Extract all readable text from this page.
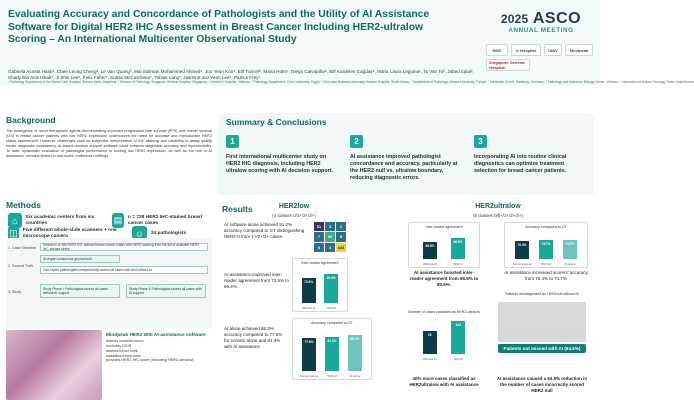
Evaluating Accuracy and Concordance of Pathologists and the Utility of AI Assistance Software for Digital HER2 IHC Assessment in Breast Cancer Including HER2-ultralow Scoring – An International Multicenter Observational Study
Gabriela Acosta Haab¹, Chee Leong Cheng², Le Van Quang³, Mai Soliman Mohammed Ahmed⁴, Joo Yeon Koo⁵, Elif Tuncel⁶, Maria Holm⁷, Diego Calvopiña⁸, Elif Kardelen Cağdaş⁹, Maria Laura Leguina¹, Ta Van To³, Jabed Iqbal², Shady Ela Anis Ishak⁴, Ji Shin Lee⁵, Felix Faber⁷, Susan McCutcheon⁷, Tobias Lang⁷, Jasmine Joo Yeon Lee⁵, Patrick Frey⁷
¹ Pathology Department of the María Curie Hospital, Buenos Aires, Argentina; ² Division of Pathology, Singapore General Hospital, Singapore; ³ Central K Hospital, Vietnam; ⁴ Pathology Department, Cairo University, Egypt; ⁵ Chonnam National University Hwasun Hospital, South Korea; ⁶ Department of Pathology, Ankara University, Türkiye; ⁷ Mindpeak GmbH, Hamburg, Germany; ⁸ Pathology and Molecular Biology Center, Vietnam; ⁹ International Medical Oncology Team, AstraZeneca
2025 ASCO
ANNUAL MEETING
HMC	K Hospital	UNIV	Mindpeak
Singapore General Hospital
Background
The emergence of novel therapeutic agents demonstrating improved progression-free survival (PFS) and overall survival (OS) in breast cancer patients with low HER2 expression underscores the need for accurate and reproducible HER2 status assessment. However, challenges such as subjective interpretation of IHC staining and variability in assay quality hinder diagnostic consistency. AI-based decision support software could enhance diagnostic accuracy and reproducibility. To date, systematic evaluation of pathologist performance in scoring low HER2 expression, as well as the role of AI assistance, remains limited in real-world, multicenter settings.
Methods
⌂	Six academic centers from six countries	▤	n = 728 HER2 IHC-stained breast cancer cases
◫ Five different whole-slide scanners + one microscope camera	☺	24 pathologists
1. Case Selection
2. Ground Truth
3. Study
Selection of 485 HER2 IHC stained breast cancer cases with HER2 staining from the list of available HER2 IHC stained slides
3x expert consensus ground truth
Two expert pathologists independently scored all cases with and without AI
Study Phase I: Pathologists scored all cases without AI support
Study Phase II: Pathologists scored all cases with AI support
Mindpeak HER2 WSI AI-assistance software
detects invasive tumor
excludes DCIS
detects tumor cells
classifies tumor cells
provides HER2 IHC score (including HER2-ultralow)
Summary & Conclusions
1
First international multicenter study on HER2 IHC diagnosis, including HER2 ultralow scoring with AI decision support.
2
AI assistance improved pathologist concordance and accuracy, particularly at the HER2 null vs. ultralow boundary, reducing diagnostic errors.
3
Incorporating AI into routine clinical diagnostics can optimize treatment selection for breast cancer patients.
Results	HER2low
(4 classes 0/1+/2+/3+)
HER2ultralow
(5 classes 0/0+/1+/2+/3+)
51	3	1
7	20	5
0	4	443
AI software alone achieved 91.2% accuracy compared to GT distinguishing HER2 0 from 1+/2+/3+ cases.
AI-assistance improved inter-reader agreement from 73.5% to 86.4%.
AI alone achieved 86.3% accuracy compared to 77.6% for scorers alone and 81.3% with AI assistance.
Inter-reader agreement
73.5%
Without AI
86.4%
With AI
Accuracy compared to GT
77.6%
Scorers alone
81.3%
With AI
86.3%
AI alone
Inter-reader agreement
65.6%
Without AI
80.6%
With AI
Accuracy compared to GT
70.4%
Scorers alone
74.7%
With AI
74.7%
AI alone
AI assistance boosted inter-reader agreement from 65.6% to 80.6%.
AI assistance increased scorers' accuracy from 70.4% to 74.7%
Number of cases classified as HER2-ultralow
78
Without AI
109
With AI
40% more cases classified as HER2ultralow with AI assistance
Patients misdiagnosed as HER2null without AI
Patients not missed with AI (64.5%)
AI assistance caused a 64.5% reduction in the number of cases incorrectly scored HER2 null
